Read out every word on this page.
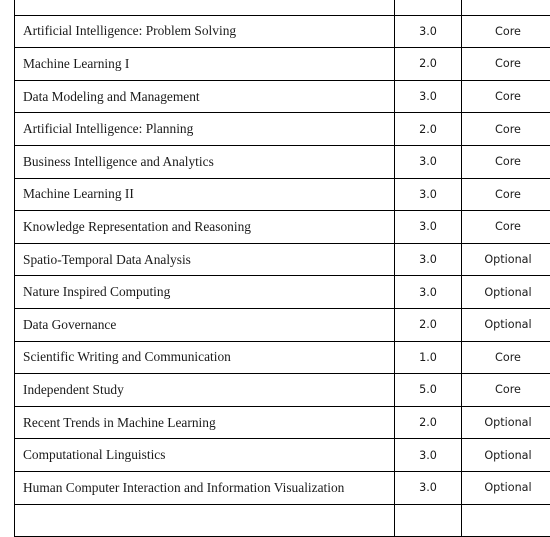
Artificial Intelligence: Problem Solving	3.0	Core
Machine Learning I	2.0	Core
Data Modeling and Management	3.0	Core
Artificial Intelligence: Planning	2.0	Core
Business Intelligence and Analytics	3.0	Core
Machine Learning II	3.0	Core
Knowledge Representation and Reasoning	3.0	Core
Spatio-Temporal Data Analysis	3.0	Optional
Nature Inspired Computing	3.0	Optional
Data Governance	2.0	Optional
Scientific Writing and Communication	1.0	Core
Independent Study	5.0	Core
Recent Trends in Machine Learning	2.0	Optional
Computational Linguistics	3.0	Optional
Human Computer Interaction and Information Visualization	3.0	Optional
